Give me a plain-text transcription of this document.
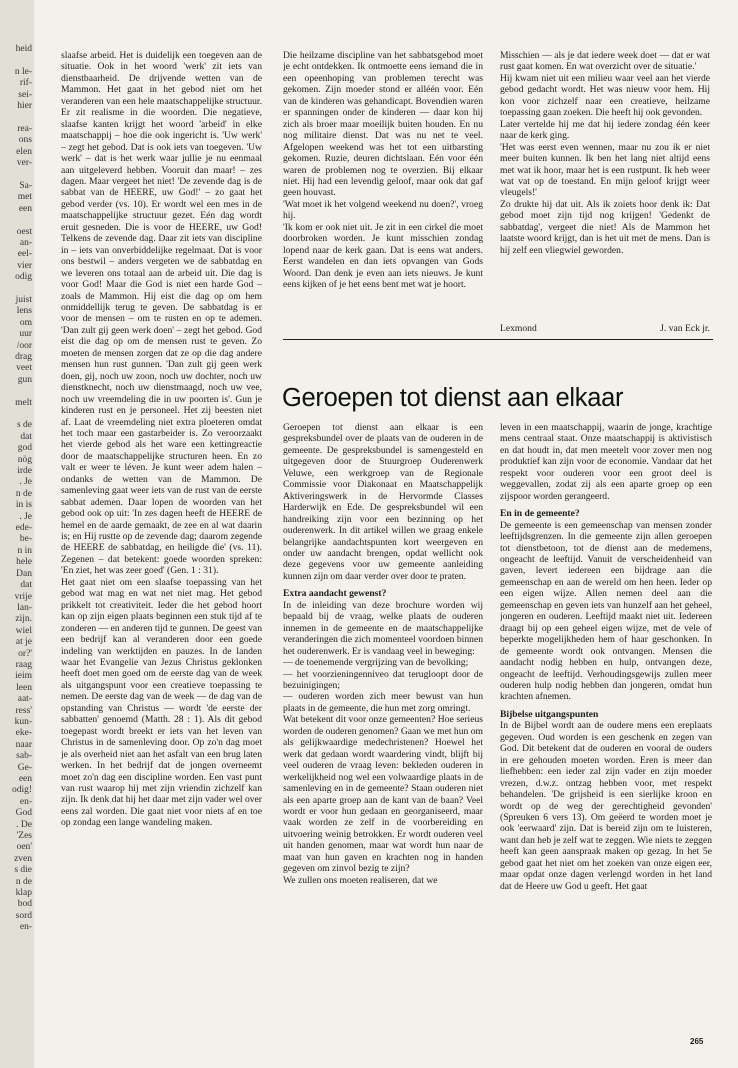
heid

n le-
rif-
sei-
hier

rea-
ons
elen
ver-

Sa-
met
een

oest
an-
eel-
vier
odig

juist
lens
om
uur
/oor
drag
veet
gun

melt

s de
dat
god
nög
irde
. Je
n de
in is
. Je
ede-
be-
n in
hele
Dan
dat
vrije
lan-
zijn.
wiel
at je
or?'
raag
ieim
leen
aat-
ress'
kun-
eke-
naar
sab-
Ge-
een
odig!
en-
God
. De
'Zes
oen'
zven
s die
n de
klap
bod
sord
en-

slaafse arbeid. Het is duidelijk een toegeven aan de situatie. Ook in het woord 'werk' zit iets van dienstbaarheid. De drijvende wetten van de Mammon. Het gaat in het gebod niet om het veranderen van een hele maatschappelijke structuur. Er zit realisme in die woorden. Die negatieve, slaafse kanten krijgt het woord 'arbeid' in elke maatschappij – hoe die ook ingericht is. 'Uw werk' – zegt het gebod. Dat is ook iets van toegeven. 'Uw werk' – dat is het werk waar jullie je nu eenmaal aan uitgeleverd hebben. Vooruit dan maar! – zes dagen. Maar vergeet het niet! 'De zevende dag is de sabbat van de HEERE, uw God!' – zo gaat het gebod verder (vs. 10). Er wordt wel een mes in de maatschappelijke structuur gezet. Eén dag wordt eruit gesneden. Die is voor de HEERE, uw God! Telkens de zevende dag. Daar zit iets van discipline in – iets van onverbiddelijke regelmaat. Dat is voor ons bestwil – anders vergeten we de sabbatdag en we leveren ons totaal aan de arbeid uit. Die dag is voor God! Maar die God is niet een harde God – zoals de Mammon. Hij eist die dag op om hem onmiddellijk terug te geven. De sabbatdag is er voor de mensen – om te rusten en op te ademen. 'Dan zult gij geen werk doen' – zegt het gebod. God eist die dag op om de mensen rust te geven. Zo moeten de mensen zorgen dat ze op die dag andere mensen hun rust gunnen. 'Dan zult gij geen werk doen, gij, noch uw zoon, noch uw dochter, noch uw dienstknecht, noch uw dienstmaagd, noch uw vee, noch uw vreemdeling die in uw poorten is'. Gun je kinderen rust en je personeel. Het zij beesten niet af. Laat de vreemdeling niet extra ploeteren omdat het toch maar een gastarbeider is. Zo veroorzaakt het vierde gebod als het ware een kettingreactie door de maatschappelijke structuren heen. En zo valt er weer te léven. Je kunt weer adem halen – ondanks de wetten van de Mammon. De samenleving gaat weer iets van de rust van de eerste sabbat ademen. Daar lopen de woorden van het gebod ook op uit: 'In zes dagen heeft de HEERE de hemel en de aarde gemaakt, de zee en al wat daarin is; en Hij rustte op de zevende dag; daarom zegende de HEERE de sabbatdag, en heiligde die' (vs. 11). Zegenen – dat betekent: goede woorden spreken: 'En ziet, het was zeer goed' (Gen. 1 : 31).

Het gaat niet om een slaafse toepassing van het gebod wat mag en wat net niet mag. Het gebod prikkelt tot creativiteit. Ieder die het gebod hoort kan op zijn eigen plaats beginnen een stuk tijd af te zonderen — en anderen tijd te gunnen. De geest van een bedrijf kan al veranderen door een goede indeling van werktijden en pauzes. In de landen waar het Evangelie van Jezus Christus geklonken heeft doet men goed om de eerste dag van de week als uitgangspunt voor een creatieve toepassing te nemen. De eerste dag van de week — de dag van de opstanding van Christus — wordt 'de eerste der sabbatten' genoemd (Matth. 28 : 1). Als dit gebod toegepast wordt breekt er iets van het leven van Christus in de samenleving door. Op zo'n dag moet je als overheid niet aan het asfalt van een brug laten werken. In het bedrijf dat de jongen overneemt moet zo'n dag een discipline worden. Een vast punt van rust waarop hij met zijn vriendin zichzelf kan zijn. Ik denk dat hij het daar met zijn vader wel over eens zal worden. Die gaat niet voor niets af en toe op zondag een lange wandeling maken.

Die heilzame discipline van het sabbatsgebod moet je echt ontdekken. Ik ontmoette eens iemand die in een opeenhoping van problemen terecht was gekomen. Zijn moeder stond er alléén voor. Eén van de kinderen was gehandicapt. Bovendien waren er spanningen onder de kinderen — daar kon hij zich als broer maar moeilijk buiten houden. En nu nog militaire dienst. Dat was nu net te veel. Afgelopen weekend was het tot een uitbarsting gekomen. Ruzie, deuren dichtslaan. Eén voor één waren de problemen nog te overzien. Bij elkaar niet. Hij had een levendig geloof, maar ook dat gaf geen houvast.

'Wat moet ik het volgend weekend nu doen?', vroeg hij.

'Ik kom er ook niet uit. Je zit in een cirkel die moet doorbroken worden. Je kunt misschien zondag lopend naar de kerk gaan. Dat is eens wat anders. Eerst wandelen en dan iets opvangen van Gods Woord. Dan denk je even aan iets nieuws. Je kunt eens kijken of je het eens bent met wat je hoort.

Misschien — als je dat iedere week doet — dat er wat rust gaat komen. En wat overzicht over de situatie.'

Hij kwam niet uit een milieu waar veel aan het vierde gebod gedacht wordt. Het was nieuw voor hem. Hij kon voor zichzelf naar een creatieve, heilzame toepassing gaan zoeken. Die heeft hij ook gevonden.

Later vertelde hij me dat hij iedere zondag één keer naar de kerk ging.

'Het was eerst even wennen, maar nu zou ik er niet meer buiten kunnen. Ik ben het lang niet altijd eens met wat ik hoor, maar het is een rustpunt. Ik heb weer wat vat op de toestand. En mijn geloof krijgt weer vleugels!'

Zo drukte hij dat uit. Als ik zoiets hoor denk ik: Dat gebod moet zijn tijd nog krijgen! 'Gedenkt de sabbatdag', vergeet die niet! Als de Mammon het laatste woord krijgt, dan is het uit met de mens. Dan is hij zelf een vliegwiel geworden.

Lexmond	J. van Eck jr.
Geroepen tot dienst aan elkaar

Geroepen tot dienst aan elkaar is een gespreksbundel over de plaats van de ouderen in de gemeente. De gespreksbundel is samengesteld en uitgegeven door de Stuurgroep Ouderenwerk Veluwe, een werkgroep van de Regionale Commissie voor Diakonaat en Maatschappelijk Aktiveringswerk in de Hervormde Classes Harderwijk en Ede. De gespreksbundel wil een handreiking zijn voor een bezinning op het ouderenwerk. In dit artikel willen we graag enkele belangrijke aandachtspunten kort weergeven en onder uw aandacht brengen, opdat wellicht ook deze gegevens voor uw gemeente aanleiding kunnen zijn om daar verder over door te praten.

Extra aandacht gewenst?

In de inleiding van deze brochure worden wij bepaald bij de vraag, welke plaats de ouderen innemen in de gemeente en de maatschappelijke veranderingen die zich momenteel voordoen binnen het ouderenwerk. Er is vandaag veel in beweging:

— de toenemende vergrijzing van de bevolking;

— het voorzieningenniveo dat terugloopt door de bezuinigingen;

— ouderen worden zich meer bewust van hun plaats in de gemeente, die hun met zorg omringt.

Wat betekent dit voor onze gemeenten? Hoe serieus worden de ouderen genomen? Gaan we met hun om als gelijkwaardige medechristenen? Hoewel het werk dat gedaan wordt waardering vindt, blijft bij veel ouderen de vraag leven: bekleden ouderen in werkelijkheid nog wel een volwaardige plaats in de samenleving en in de gemeente? Staan ouderen niet als een aparte groep aan de kant van de baan? Veel wordt er voor hun gedaan en georganiseerd, maar vaak worden ze zelf in de voorbereiding en uitvoering weinig betrokken. Er wordt ouderen veel uit handen genomen, maar wat wordt hun naar de maat van hun gaven en krachten nog in handen gegeven om zinvol bezig te zijn?

We zullen ons moeten realiseren, dat we

leven in een maatschappij, waarin de jonge, krachtige mens centraal staat. Onze maatschappij is aktivistisch en dat houdt in, dat men meetelt voor zover men nog produktief kan zijn voor de economie. Vandaar dat het respekt voor ouderen voor een groot deel is weggevallen, zodat zij als een aparte groep op een zijspoor worden gerangeerd.

En in de gemeente?

De gemeente is een gemeenschap van mensen zonder leeftijdsgrenzen. In die gemeente zijn allen geroepen tot dienstbetoon, tot de dienst aan de medemens, ongeacht de leeftijd. Vanuit de verscheidenheid van gaven, levert iedereen een bijdrage aan die gemeenschap en aan de wereld om hen heen. Ieder op een eigen wijze. Allen nemen deel aan die gemeenschap en geven iets van hunzelf aan het geheel, jongeren en ouderen. Leeftijd maakt niet uit. Iedereen draagt bij op een geheel eigen wijze, met de vele of beperkte mogelijkheden hem of haar geschonken. In de gemeente wordt ook ontvangen. Mensen die aandacht nodig hebben en hulp, ontvangen deze, ongeacht de leeftijd. Verhoudingsgewijs zullen meer ouderen hulp nodig hebben dan jongeren, omdat hun krachten afnemen.

Bijbelse uitgangspunten

In de Bijbel wordt aan de oudere mens een ereplaats gegeven. Oud worden is een geschenk en zegen van God. Dit betekent dat de ouderen en vooral de ouders in ere gehouden moeten worden. Eren is meer dan liefhebben: een ieder zal zijn vader en zijn moeder vrezen, d.w.z. ontzag hebben voor, met respekt behandelen. 'De grijsheid is een sierlijke kroon en wordt op de weg der gerechtigheid gevonden' (Spreuken 6 vers 13). Om geëerd te worden moet je ook 'eerwaard' zijn. Dat is bereid zijn om te luisteren, want dan heb je zelf wat te zeggen. Wie niets te zeggen heeft kan geen aanspraak maken op gezag. In het 5e gebod gaat het niet om het zoeken van onze eigen eer, maar opdat onze dagen verlengd worden in het land dat de Heere uw God u geeft. Het gaat

265
